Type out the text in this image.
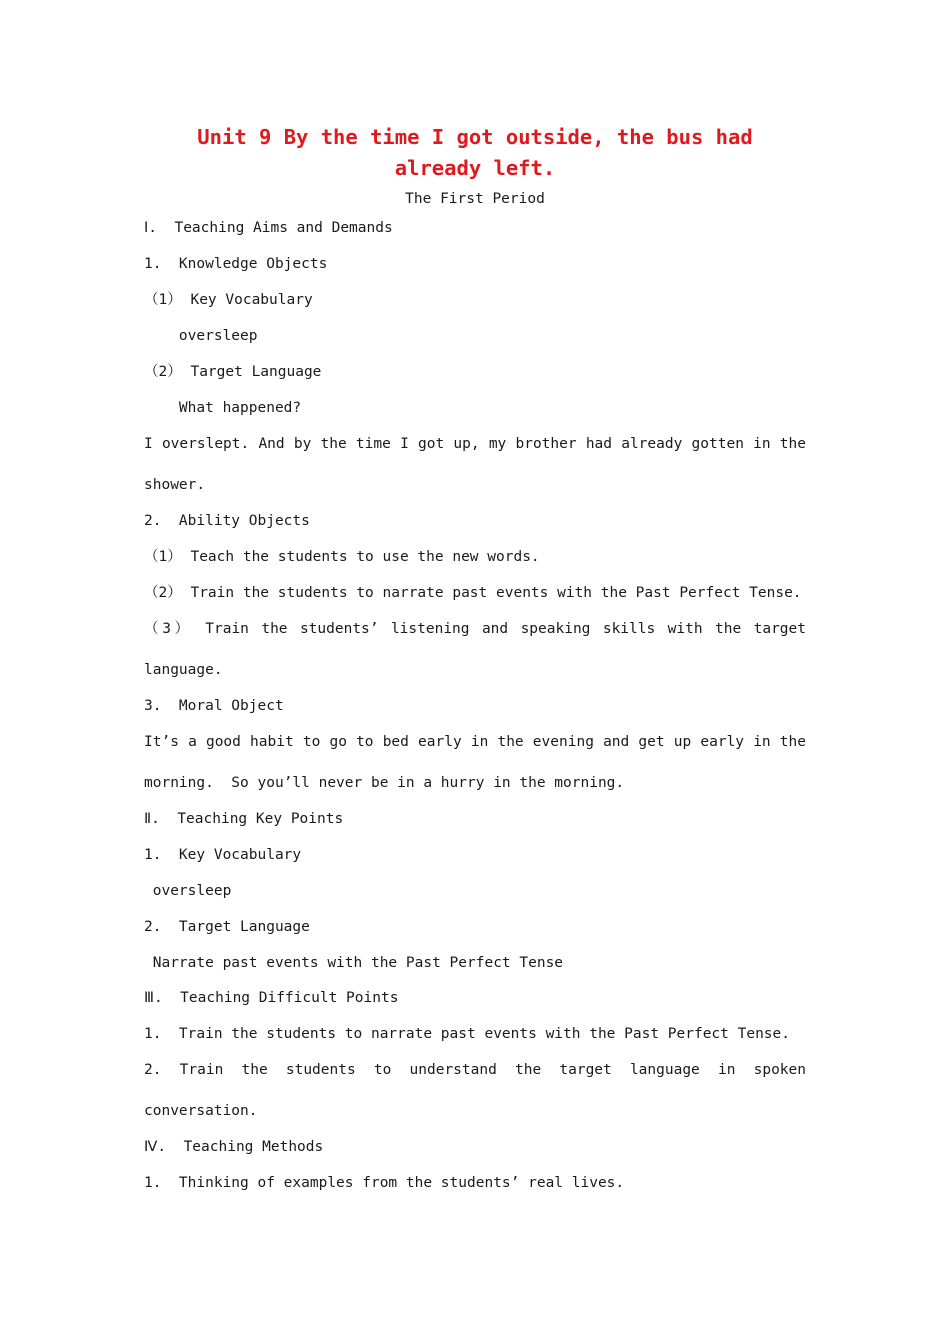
Unit 9 By the time I got outside, the bus had already left.
The First Period
Ⅰ.  Teaching Aims and Demands
1.  Knowledge Objects
（1） Key Vocabulary
oversleep
（2） Target Language
What happened?
I overslept. And by the time I got up, my brother had already gotten in the
shower.
2.  Ability Objects
（1） Teach the students to use the new words.
（2） Train the students to narrate past events with the Past Perfect Tense.
（3） Train the students’ listening and speaking skills with the target
language.
3.  Moral Object
It’s a good habit to go to bed early in the evening and get up early in the
morning.  So you’ll never be in a hurry in the morning.
Ⅱ.  Teaching Key Points
1.  Key Vocabulary
oversleep
2.  Target Language
Narrate past events with the Past Perfect Tense
Ⅲ.  Teaching Difficult Points
1.  Train the students to narrate past events with the Past Perfect Tense.
2. Train the students to understand the target language in spoken
conversation.
Ⅳ.  Teaching Methods
1.  Thinking of examples from the students’ real lives.
